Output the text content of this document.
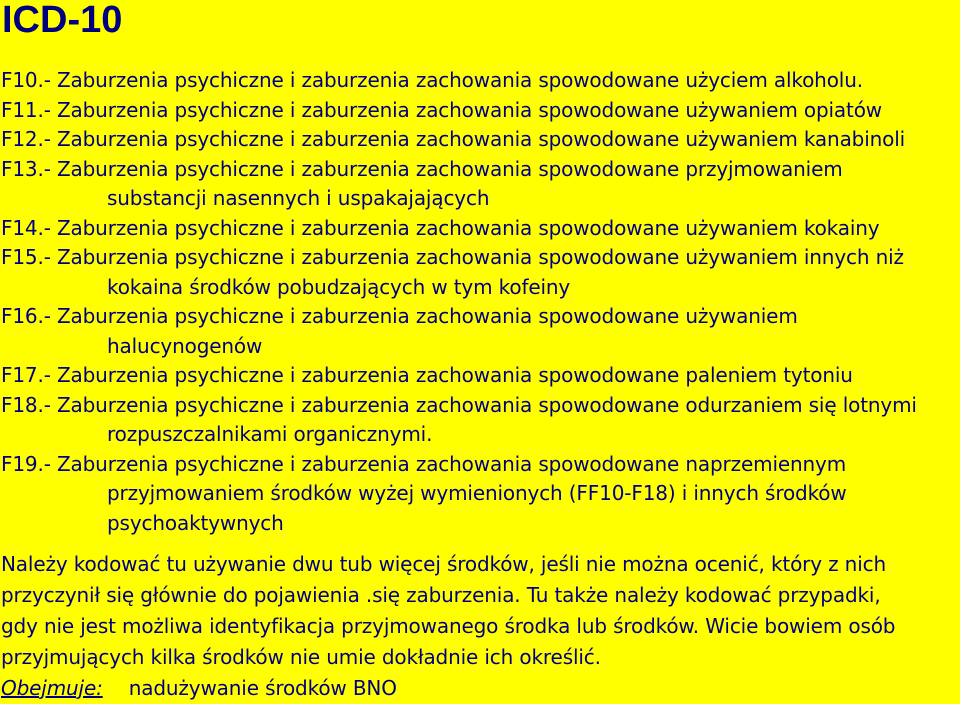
ICD-10
F10.- Zaburzenia psychiczne i zaburzenia zachowania spowodowane użyciem alkoholu.
F11.- Zaburzenia psychiczne i zaburzenia zachowania spowodowane używaniem opiatów
F12.- Zaburzenia psychiczne i zaburzenia zachowania spowodowane używaniem kanabinoli
F13.- Zaburzenia psychiczne i zaburzenia zachowania spowodowane przyjmowaniem
substancji nasennych i uspakajających
F14.- Zaburzenia psychiczne i zaburzenia zachowania spowodowane używaniem kokainy
F15.- Zaburzenia psychiczne i zaburzenia zachowania spowodowane używaniem innych niż
kokaina środków pobudzających w tym kofeiny
F16.- Zaburzenia psychiczne i zaburzenia zachowania spowodowane używaniem
halucynogenów
F17.- Zaburzenia psychiczne i zaburzenia zachowania spowodowane paleniem tytoniu
F18.- Zaburzenia psychiczne i zaburzenia zachowania spowodowane odurzaniem się lotnymi
rozpuszczalnikami organicznymi.
F19.- Zaburzenia psychiczne i zaburzenia zachowania spowodowane naprzemiennym
przyjmowaniem środków wyżej wymienionych (FF10-F18) i innych środków
psychoaktywnych
Należy kodować tu używanie dwu tub więcej środków, jeśli nie można ocenić, który z nich
przyczynił się głównie do pojawienia .się zaburzenia. Tu także należy kodować przypadki,
gdy nie jest możliwa identyfikacja przyjmowanego środka lub środków. Wicie bowiem osób
przyjmujących kilka środków nie umie dokładnie ich określić.
Obejmuje: nadużywanie środków BNO
